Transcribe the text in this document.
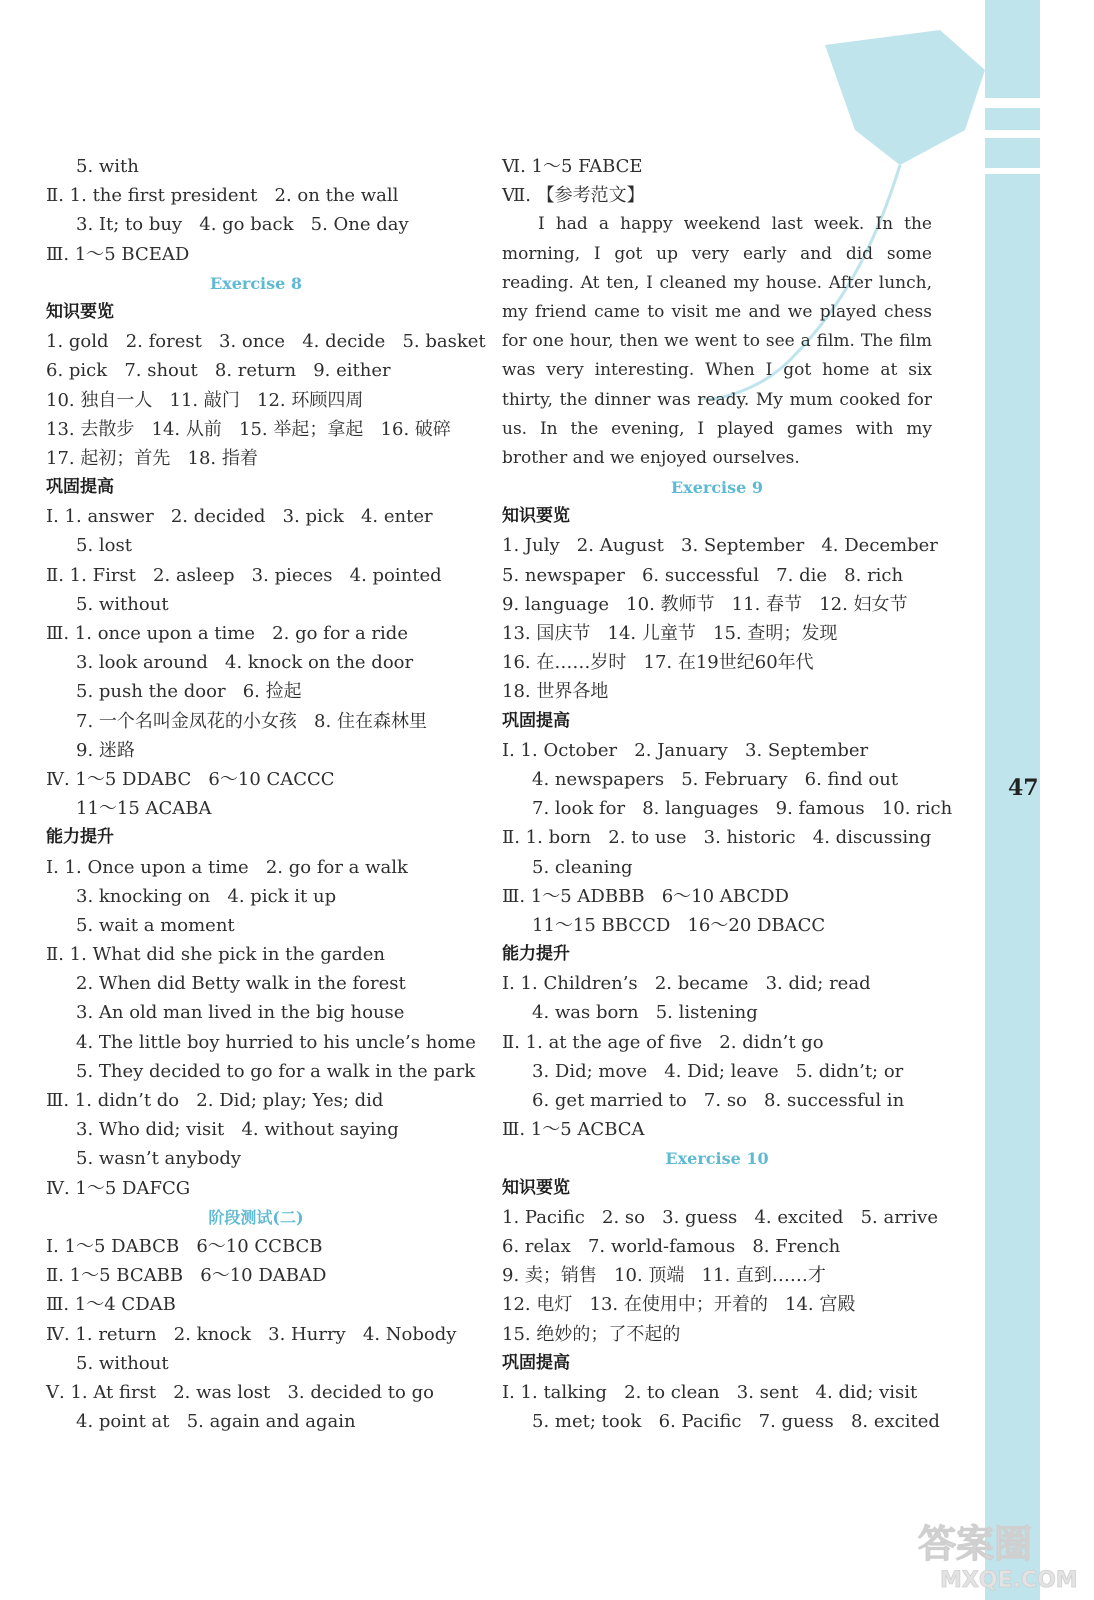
47
5. with
Ⅱ. 1. the first president   2. on the wall
3. It; to buy   4. go back   5. One day
Ⅲ. 1～5 BCEAD
Exercise 8
知识要览
1. gold   2. forest   3. once   4. decide   5. basket
6. pick   7. shout   8. return   9. either
10. 独自一人   11. 敲门   12. 环顾四周
13. 去散步   14. 从前   15. 举起；拿起   16. 破碎
17. 起初；首先   18. 指着
巩固提高
Ⅰ. 1. answer   2. decided   3. pick   4. enter
5. lost
Ⅱ. 1. First   2. asleep   3. pieces   4. pointed
5. without
Ⅲ. 1. once upon a time   2. go for a ride
3. look around   4. knock on the door
5. push the door   6. 捡起
7. 一个名叫金凤花的小女孩   8. 住在森林里
9. 迷路
Ⅳ. 1～5 DDABC   6～10 CACCC
11～15 ACABA
能力提升
Ⅰ. 1. Once upon a time   2. go for a walk
3. knocking on   4. pick it up
5. wait a moment
Ⅱ. 1. What did she pick in the garden
2. When did Betty walk in the forest
3. An old man lived in the big house
4. The little boy hurried to his uncle’s home
5. They decided to go for a walk in the park
Ⅲ. 1. didn’t do   2. Did; play; Yes; did
3. Who did; visit   4. without saying
5. wasn’t anybody
Ⅳ. 1～5 DAFCG
阶段测试(二)
Ⅰ. 1～5 DABCB   6～10 CCBCB
Ⅱ. 1～5 BCABB   6～10 DABAD
Ⅲ. 1～4 CDAB
Ⅳ. 1. return   2. knock   3. Hurry   4. Nobody
5. without
Ⅴ. 1. At first   2. was lost   3. decided to go
4. point at   5. again and again
Ⅵ. 1～5 FABCE
Ⅶ. 【参考范文】
I had a happy weekend last week. In the
morning, I got up very early and did some
reading. At ten, I cleaned my house. After lunch,
my friend came to visit me and we played chess
for one hour, then we went to see a film. The film
was very interesting. When I got home at six
thirty, the dinner was ready. My mum cooked for
us. In the evening, I played games with my
brother and we enjoyed ourselves.
Exercise 9
知识要览
1. July   2. August   3. September   4. December
5. newspaper   6. successful   7. die   8. rich
9. language   10. 教师节   11. 春节   12. 妇女节
13. 国庆节   14. 儿童节   15. 查明；发现
16. 在……岁时   17. 在19世纪60年代
18. 世界各地
巩固提高
Ⅰ. 1. October   2. January   3. September
4. newspapers   5. February   6. find out
7. look for   8. languages   9. famous   10. rich
Ⅱ. 1. born   2. to use   3. historic   4. discussing
5. cleaning
Ⅲ. 1～5 ADBBB   6～10 ABCDD
11～15 BBCCD   16～20 DBACC
能力提升
Ⅰ. 1. Children’s   2. became   3. did; read
4. was born   5. listening
Ⅱ. 1. at the age of five   2. didn’t go
3. Did; move   4. Did; leave   5. didn’t; or
6. get married to   7. so   8. successful in
Ⅲ. 1～5 ACBCA
Exercise 10
知识要览
1. Pacific   2. so   3. guess   4. excited   5. arrive
6. relax   7. world-famous   8. French
9. 卖；销售   10. 顶端   11. 直到……才
12. 电灯   13. 在使用中；开着的   14. 宫殿
15. 绝妙的；了不起的
巩固提高
Ⅰ. 1. talking   2. to clean   3. sent   4. did; visit
5. met; took   6. Pacific   7. guess   8. excited
答案圈
MXQE.COM
